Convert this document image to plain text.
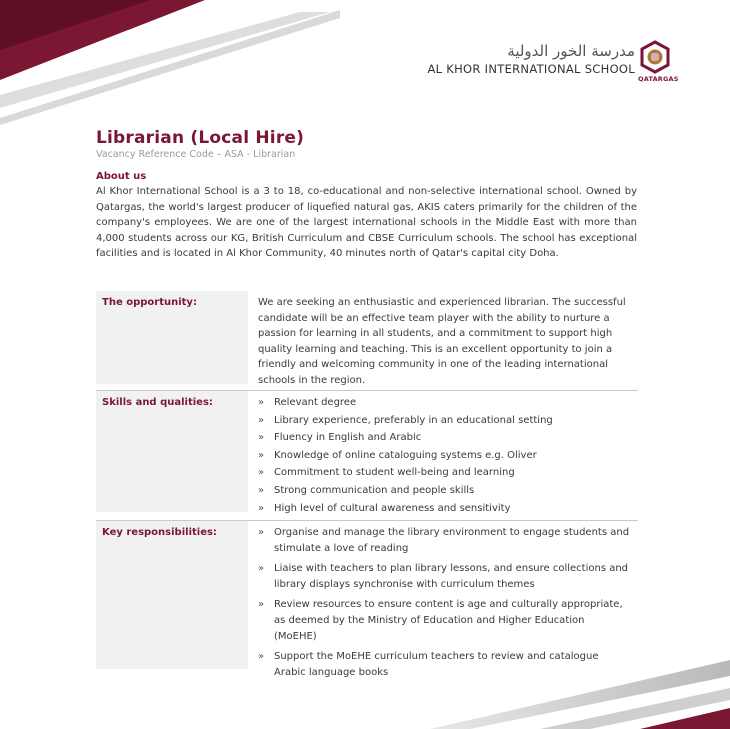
مدرسة الخور الدولية
AL KHOR INTERNATIONAL SCHOOL
QATARGAS
Librarian (Local Hire)
Vacancy Reference Code – ASA - Librarian
About us

Al Khor International School is a 3 to 18, co-educational and non-selective international school. Owned by Qatargas, the world's largest producer of liquefied natural gas, AKIS caters primarily for the children of the company's employees. We are one of the largest international schools in the Middle East with more than 4,000 students across our KG, British Curriculum and CBSE Curriculum schools. The school has exceptional facilities and is located in Al Khor Community, 40 minutes north of Qatar's capital city Doha.

The opportunity:	We are seeking an enthusiastic and experienced librarian. The successful candidate will be an effective team player with the ability to nurture a passion for learning in all students, and a commitment to support high quality learning and teaching. This is an excellent opportunity to join a friendly and welcoming community in one of the leading international schools in the region.

Skills and qualities:	» Relevant degree
» Library experience, preferably in an educational setting
» Fluency in English and Arabic
» Knowledge of online cataloguing systems e.g. Oliver
» Commitment to student well-being and learning
» Strong communication and people skills
» High level of cultural awareness and sensitivity
Key responsibilities:	» Organise and manage the library environment to engage students and stimulate a love of reading
» Liaise with teachers to plan library lessons, and ensure collections and library displays synchronise with curriculum themes
» Review resources to ensure content is age and culturally appropriate, as deemed by the Ministry of Education and Higher Education (MoEHE)
» Support the MoEHE curriculum teachers to review and catalogue Arabic language books
